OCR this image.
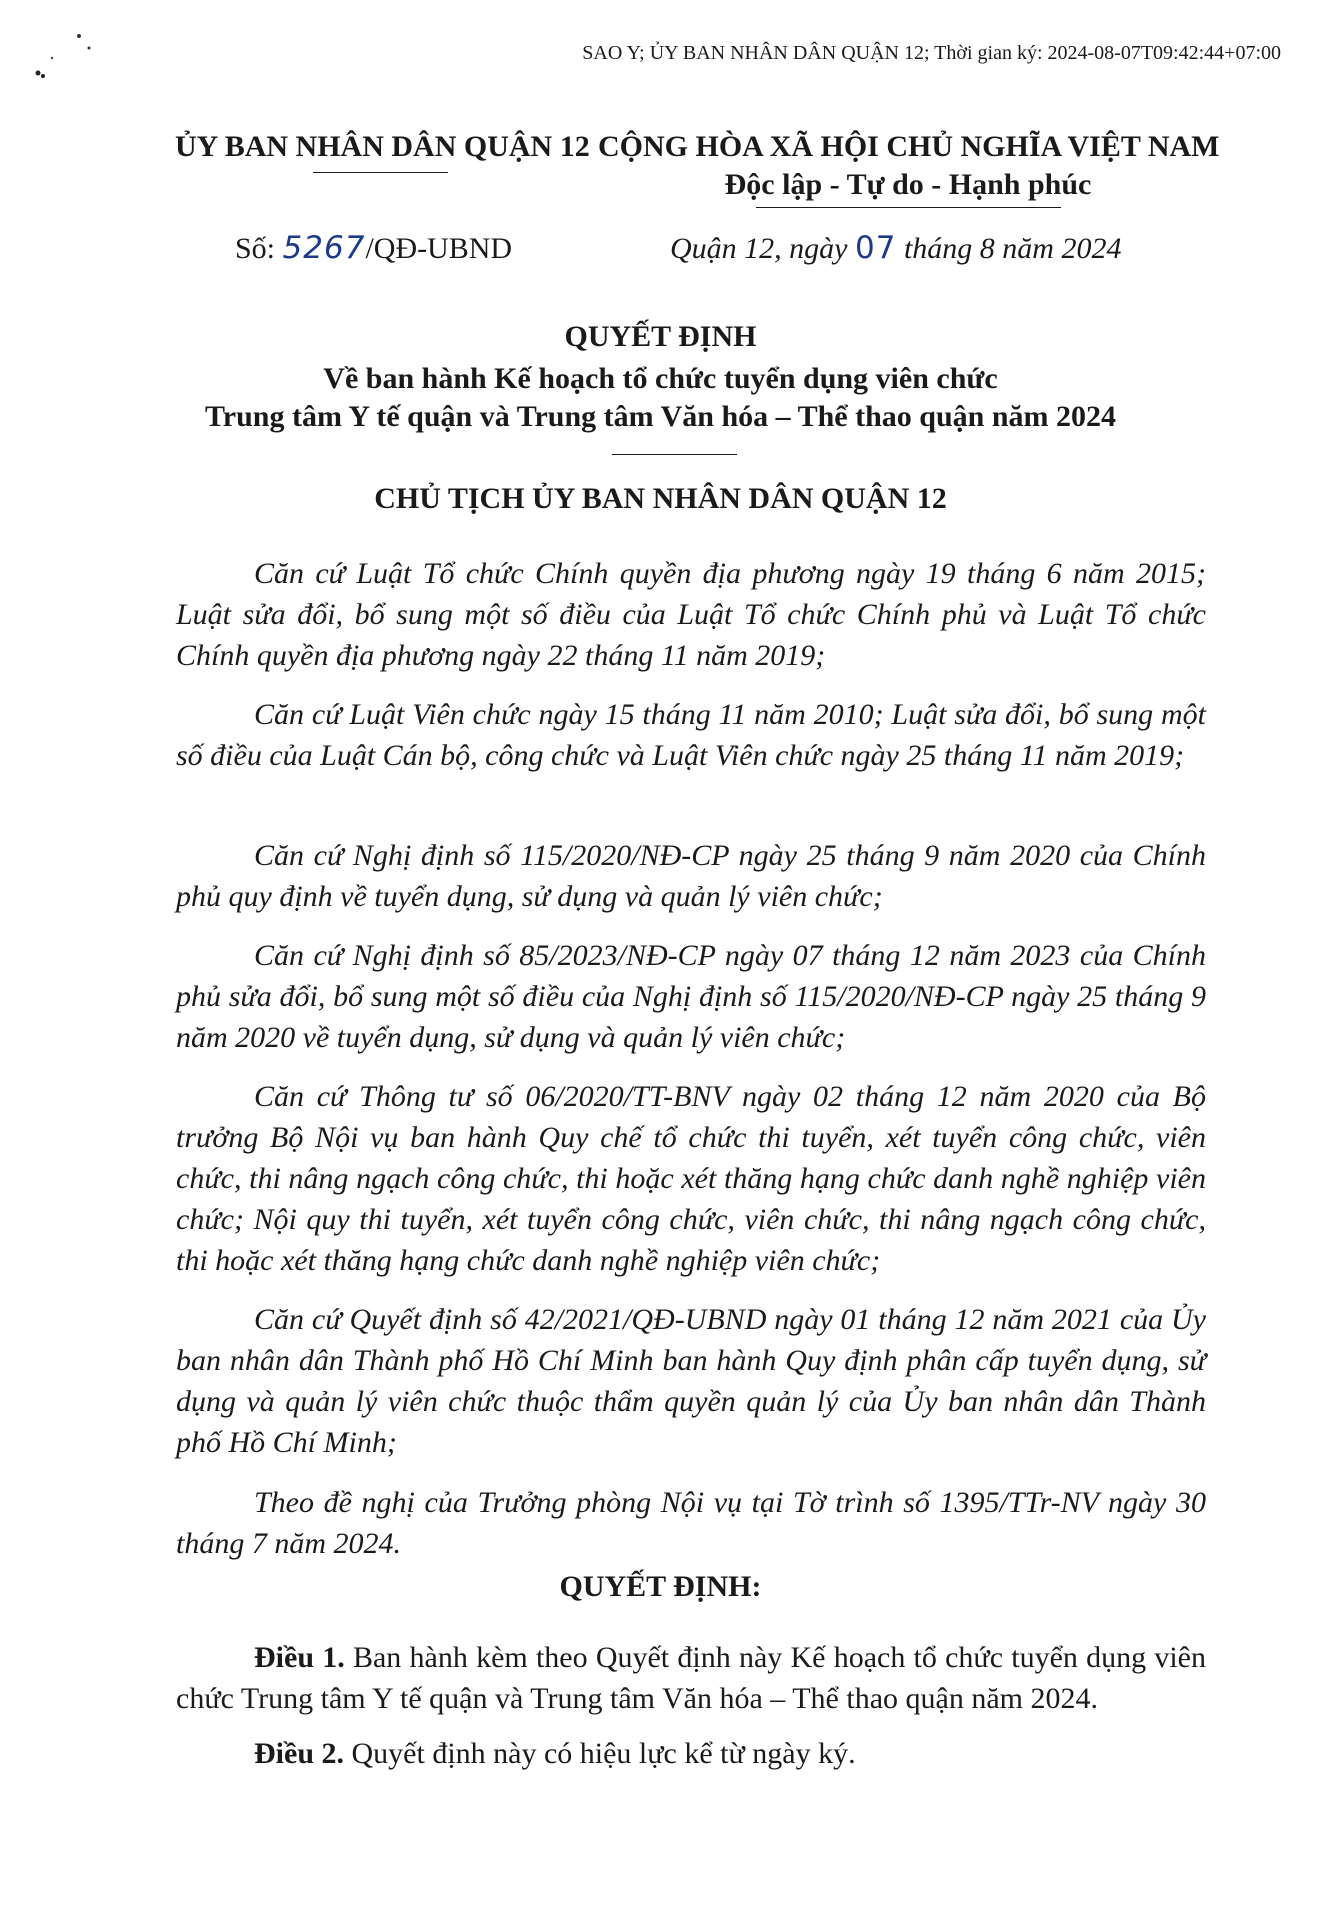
SAO Y; ỦY BAN NHÂN DÂN QUẬN 12; Thời gian ký: 2024-08-07T09:42:44+07:00
ỦY BAN NHÂN DÂN QUẬN 12 CỘNG HÒA XÃ HỘI CHỦ NGHĨA VIỆT NAM
Độc lập - Tự do - Hạnh phúc
Số: 5267/QĐ-UBND	Quận 12, ngày 07 tháng 8 năm 2024
QUYẾT ĐỊNH
Về ban hành Kế hoạch tổ chức tuyển dụng viên chức
Trung tâm Y tế quận và Trung tâm Văn hóa – Thể thao quận năm 2024
CHỦ TỊCH ỦY BAN NHÂN DÂN QUẬN 12

Căn cứ Luật Tổ chức Chính quyền địa phương ngày 19 tháng 6 năm 2015; Luật sửa đổi, bổ sung một số điều của Luật Tổ chức Chính phủ và Luật Tổ chức Chính quyền địa phương ngày 22 tháng 11 năm 2019;

Căn cứ Luật Viên chức ngày 15 tháng 11 năm 2010; Luật sửa đổi, bổ sung một số điều của Luật Cán bộ, công chức và Luật Viên chức ngày 25 tháng 11 năm 2019;

Căn cứ Nghị định số 115/2020/NĐ-CP ngày 25 tháng 9 năm 2020 của Chính phủ quy định về tuyển dụng, sử dụng và quản lý viên chức;

Căn cứ Nghị định số 85/2023/NĐ-CP ngày 07 tháng 12 năm 2023 của Chính phủ sửa đổi, bổ sung một số điều của Nghị định số 115/2020/NĐ-CP ngày 25 tháng 9 năm 2020 về tuyển dụng, sử dụng và quản lý viên chức;

Căn cứ Thông tư số 06/2020/TT-BNV ngày 02 tháng 12 năm 2020 của Bộ trưởng Bộ Nội vụ ban hành Quy chế tổ chức thi tuyển, xét tuyển công chức, viên chức, thi nâng ngạch công chức, thi hoặc xét thăng hạng chức danh nghề nghiệp viên chức; Nội quy thi tuyển, xét tuyển công chức, viên chức, thi nâng ngạch công chức, thi hoặc xét thăng hạng chức danh nghề nghiệp viên chức;

Căn cứ Quyết định số 42/2021/QĐ-UBND ngày 01 tháng 12 năm 2021 của Ủy ban nhân dân Thành phố Hồ Chí Minh ban hành Quy định phân cấp tuyển dụng, sử dụng và quản lý viên chức thuộc thẩm quyền quản lý của Ủy ban nhân dân Thành phố Hồ Chí Minh;

Theo đề nghị của Trưởng phòng Nội vụ tại Tờ trình số 1395/TTr-NV ngày 30 tháng 7 năm 2024.

QUYẾT ĐỊNH:

Điều 1. Ban hành kèm theo Quyết định này Kế hoạch tổ chức tuyển dụng viên chức Trung tâm Y tế quận và Trung tâm Văn hóa – Thể thao quận năm 2024.

Điều 2. Quyết định này có hiệu lực kể từ ngày ký.
